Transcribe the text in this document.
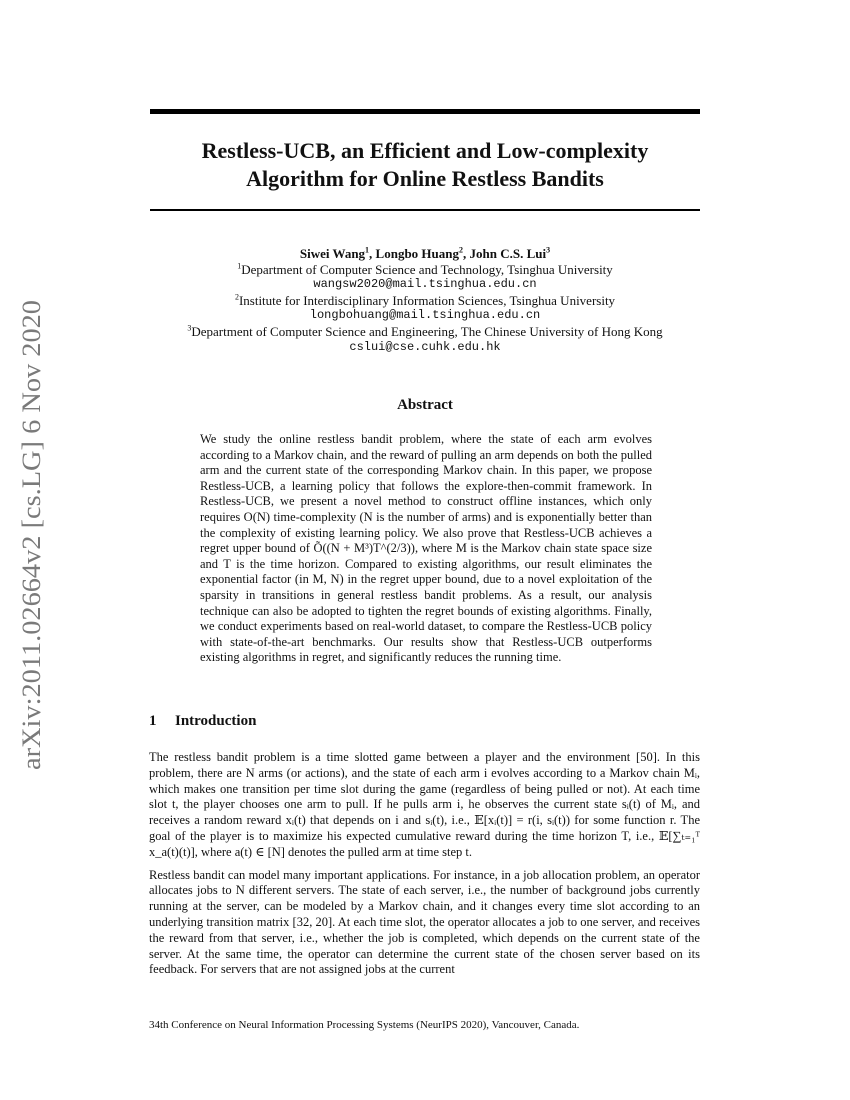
arXiv:2011.02664v2 [cs.LG] 6 Nov 2020
Restless-UCB, an Efficient and Low-complexity
Algorithm for Online Restless Bandits
Siwei Wang$^1$, Longbo Huang$^2$, John C.S. Lui$^3$
$^1$Department of Computer Science and Technology, Tsinghua University
wangsw2020@mail.tsinghua.edu.cn
$^2$Institute for Interdisciplinary Information Sciences, Tsinghua University
longbohuang@mail.tsinghua.edu.cn
$^3$Department of Computer Science and Engineering, The Chinese University of Hong Kong
cslui@cse.cuhk.edu.hk
Abstract

We study the online restless bandit problem, where the state of each arm evolves according to a Markov chain, and the reward of pulling an arm depends on both the pulled arm and the current state of the corresponding Markov chain. In this paper, we propose Restless-UCB, a learning policy that follows the explore-then-commit framework. In Restless-UCB, we present a novel method to construct offline instances, which only requires O(N) time-complexity (N is the number of arms) and is exponentially better than the complexity of existing learning policy. We also prove that Restless-UCB achieves a regret upper bound of Õ((N + M³)T^(2/3)), where M is the Markov chain state space size and T is the time horizon. Compared to existing algorithms, our result eliminates the exponential factor (in M, N) in the regret upper bound, due to a novel exploitation of the sparsity in transitions in general restless bandit problems. As a result, our analysis technique can also be adopted to tighten the regret bounds of existing algorithms. Finally, we conduct experiments based on real-world dataset, to compare the Restless-UCB policy with state-of-the-art benchmarks. Our results show that Restless-UCB outperforms existing algorithms in regret, and significantly reduces the running time.

1 Introduction

The restless bandit problem is a time slotted game between a player and the environment [50]. In this problem, there are N arms (or actions), and the state of each arm i evolves according to a Markov chain Mᵢ, which makes one transition per time slot during the game (regardless of being pulled or not). At each time slot t, the player chooses one arm to pull. If he pulls arm i, he observes the current state sᵢ(t) of Mᵢ, and receives a random reward xᵢ(t) that depends on i and sᵢ(t), i.e., 𝔼[xᵢ(t)] = r(i, sᵢ(t)) for some function r. The goal of the player is to maximize his expected cumulative reward during the time horizon T, i.e., 𝔼[∑ₜ₌₁ᵀ x_a(t)(t)], where a(t) ∈ [N] denotes the pulled arm at time step t.

Restless bandit can model many important applications. For instance, in a job allocation problem, an operator allocates jobs to N different servers. The state of each server, i.e., the number of background jobs currently running at the server, can be modeled by a Markov chain, and it changes every time slot according to an underlying transition matrix [32, 20]. At each time slot, the operator allocates a job to one server, and receives the reward from that server, i.e., whether the job is completed, which depends on the current state of the server. At the same time, the operator can determine the current state of the chosen server based on its feedback. For servers that are not assigned jobs at the current

34th Conference on Neural Information Processing Systems (NeurIPS 2020), Vancouver, Canada.
